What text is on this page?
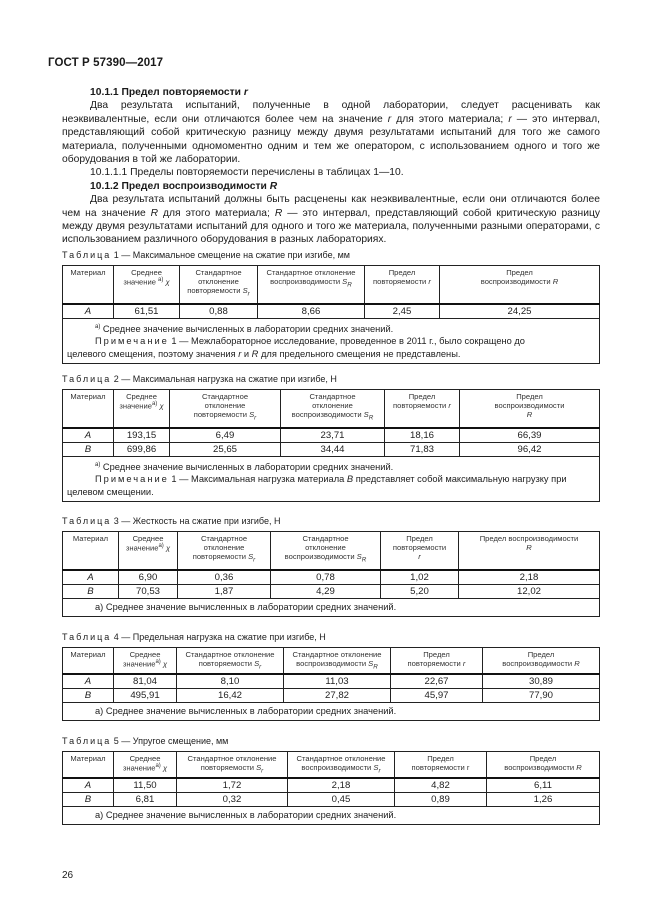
ГОСТ Р 57390—2017

10.1.1 Предел повторяемости r

Два результата испытаний, полученные в одной лаборатории, следует расценивать как неэквивалентные, если они отличаются более чем на значение r для этого материала; r — это интервал, представляющий собой критическую разницу между двумя результатами испытаний для того же самого материала, полученными одномоментно одним и тем же оператором, с использованием одного и того же оборудования в той же лаборатории.

10.1.1.1 Пределы повторяемости перечислены в таблицах 1—10.

10.1.2 Предел воспроизводимости R

Два результата испытаний должны быть расценены как неэквивалентные, если они отличаются более чем на значение R для этого материала; R — это интервал, представляющий собой критическую разницу между двумя результатами испытаний для одного и того же материала, полученными разными операторами, с использованием различного оборудования в разных лабораториях.

Таблица 1 — Максимальное смещение на сжатие при изгибе, мм
Материал	Среднее
значение $^{а)}$ χ	Стандартное
отклонение
повторяемости $S_r$	Стандартное отклонение
воспроизводимости $S_R$	Предел
повторяемости r	Предел
воспроизводимости R
A	61,51	0,88	8,66	2,45	24,25

$^{а)}$ Среднее значение вычисленных в лаборатории средних значений.
Примечание 1 — Межлабораторное исследование, проведенное в 2011 г., было сокращено до
целевого смещения, поэтому значения r и R для предельного смещения не представлены.					
Таблица 2 — Максимальная нагрузка на сжатие при изгибе, Н
Материал	Среднее
значение$^{а)}$ χ	Стандартное
отклонение
повторяемости $S_r$	Стандартное
отклонение
воспроизводимости $S_R$	Предел
повторяемости r	Предел
воспроизводимости
R
A	193,15	6,49	23,71	18,16	66,39
B	699,86	25,65	34,44	71,83	96,42

$^{а)}$ Среднее значение вычисленных в лаборатории средних значений.
Примечание 1 — Максимальная нагрузка материала B представляет собой максимальную нагрузку при
целевом смещении.					
Таблица 3 — Жесткость на сжатие при изгибе, Н
Материал	Среднее
значение$^{а)}$ χ	Стандартное
отклонение
повторяемости $S_r$	Стандартное
отклонение
воспроизводимости $S_R$	Предел
повторяемости
r	Предел воспроизводимости
R
A	6,90	0,36	0,78	1,02	2,18
B	70,53	1,87	4,29	5,20	12,02

a) Среднее значение вычисленных в лаборатории средних значений.					
Таблица 4 — Предельная нагрузка на сжатие при изгибе, Н
Материал	Среднее
значение$^{а)}$ χ	Стандартное отклонение
повторяемости $S_r$	Стандартное отклонение
воспроизводимости $S_R$	Предел
повторяемости r	Предел
воспроизводимости R
A	81,04	8,10	11,03	22,67	30,89
B	495,91	16,42	27,82	45,97	77,90

a) Среднее значение вычисленных в лаборатории средних значений.					
Таблица 5 — Упругое смещение, мм
Материал	Среднее
значение$^{а)}$ χ	Стандартное отклонение
повторяемости $S_r$	Стандартное отклонение
воспроизводимости $S_r$	Предел
повторяемости r	Предел
воспроизводимости R
A	11,50	1,72	2,18	4,82	6,11
B	6,81	0,32	0,45	0,89	1,26

a) Среднее значение вычисленных в лаборатории средних значений.					
26
